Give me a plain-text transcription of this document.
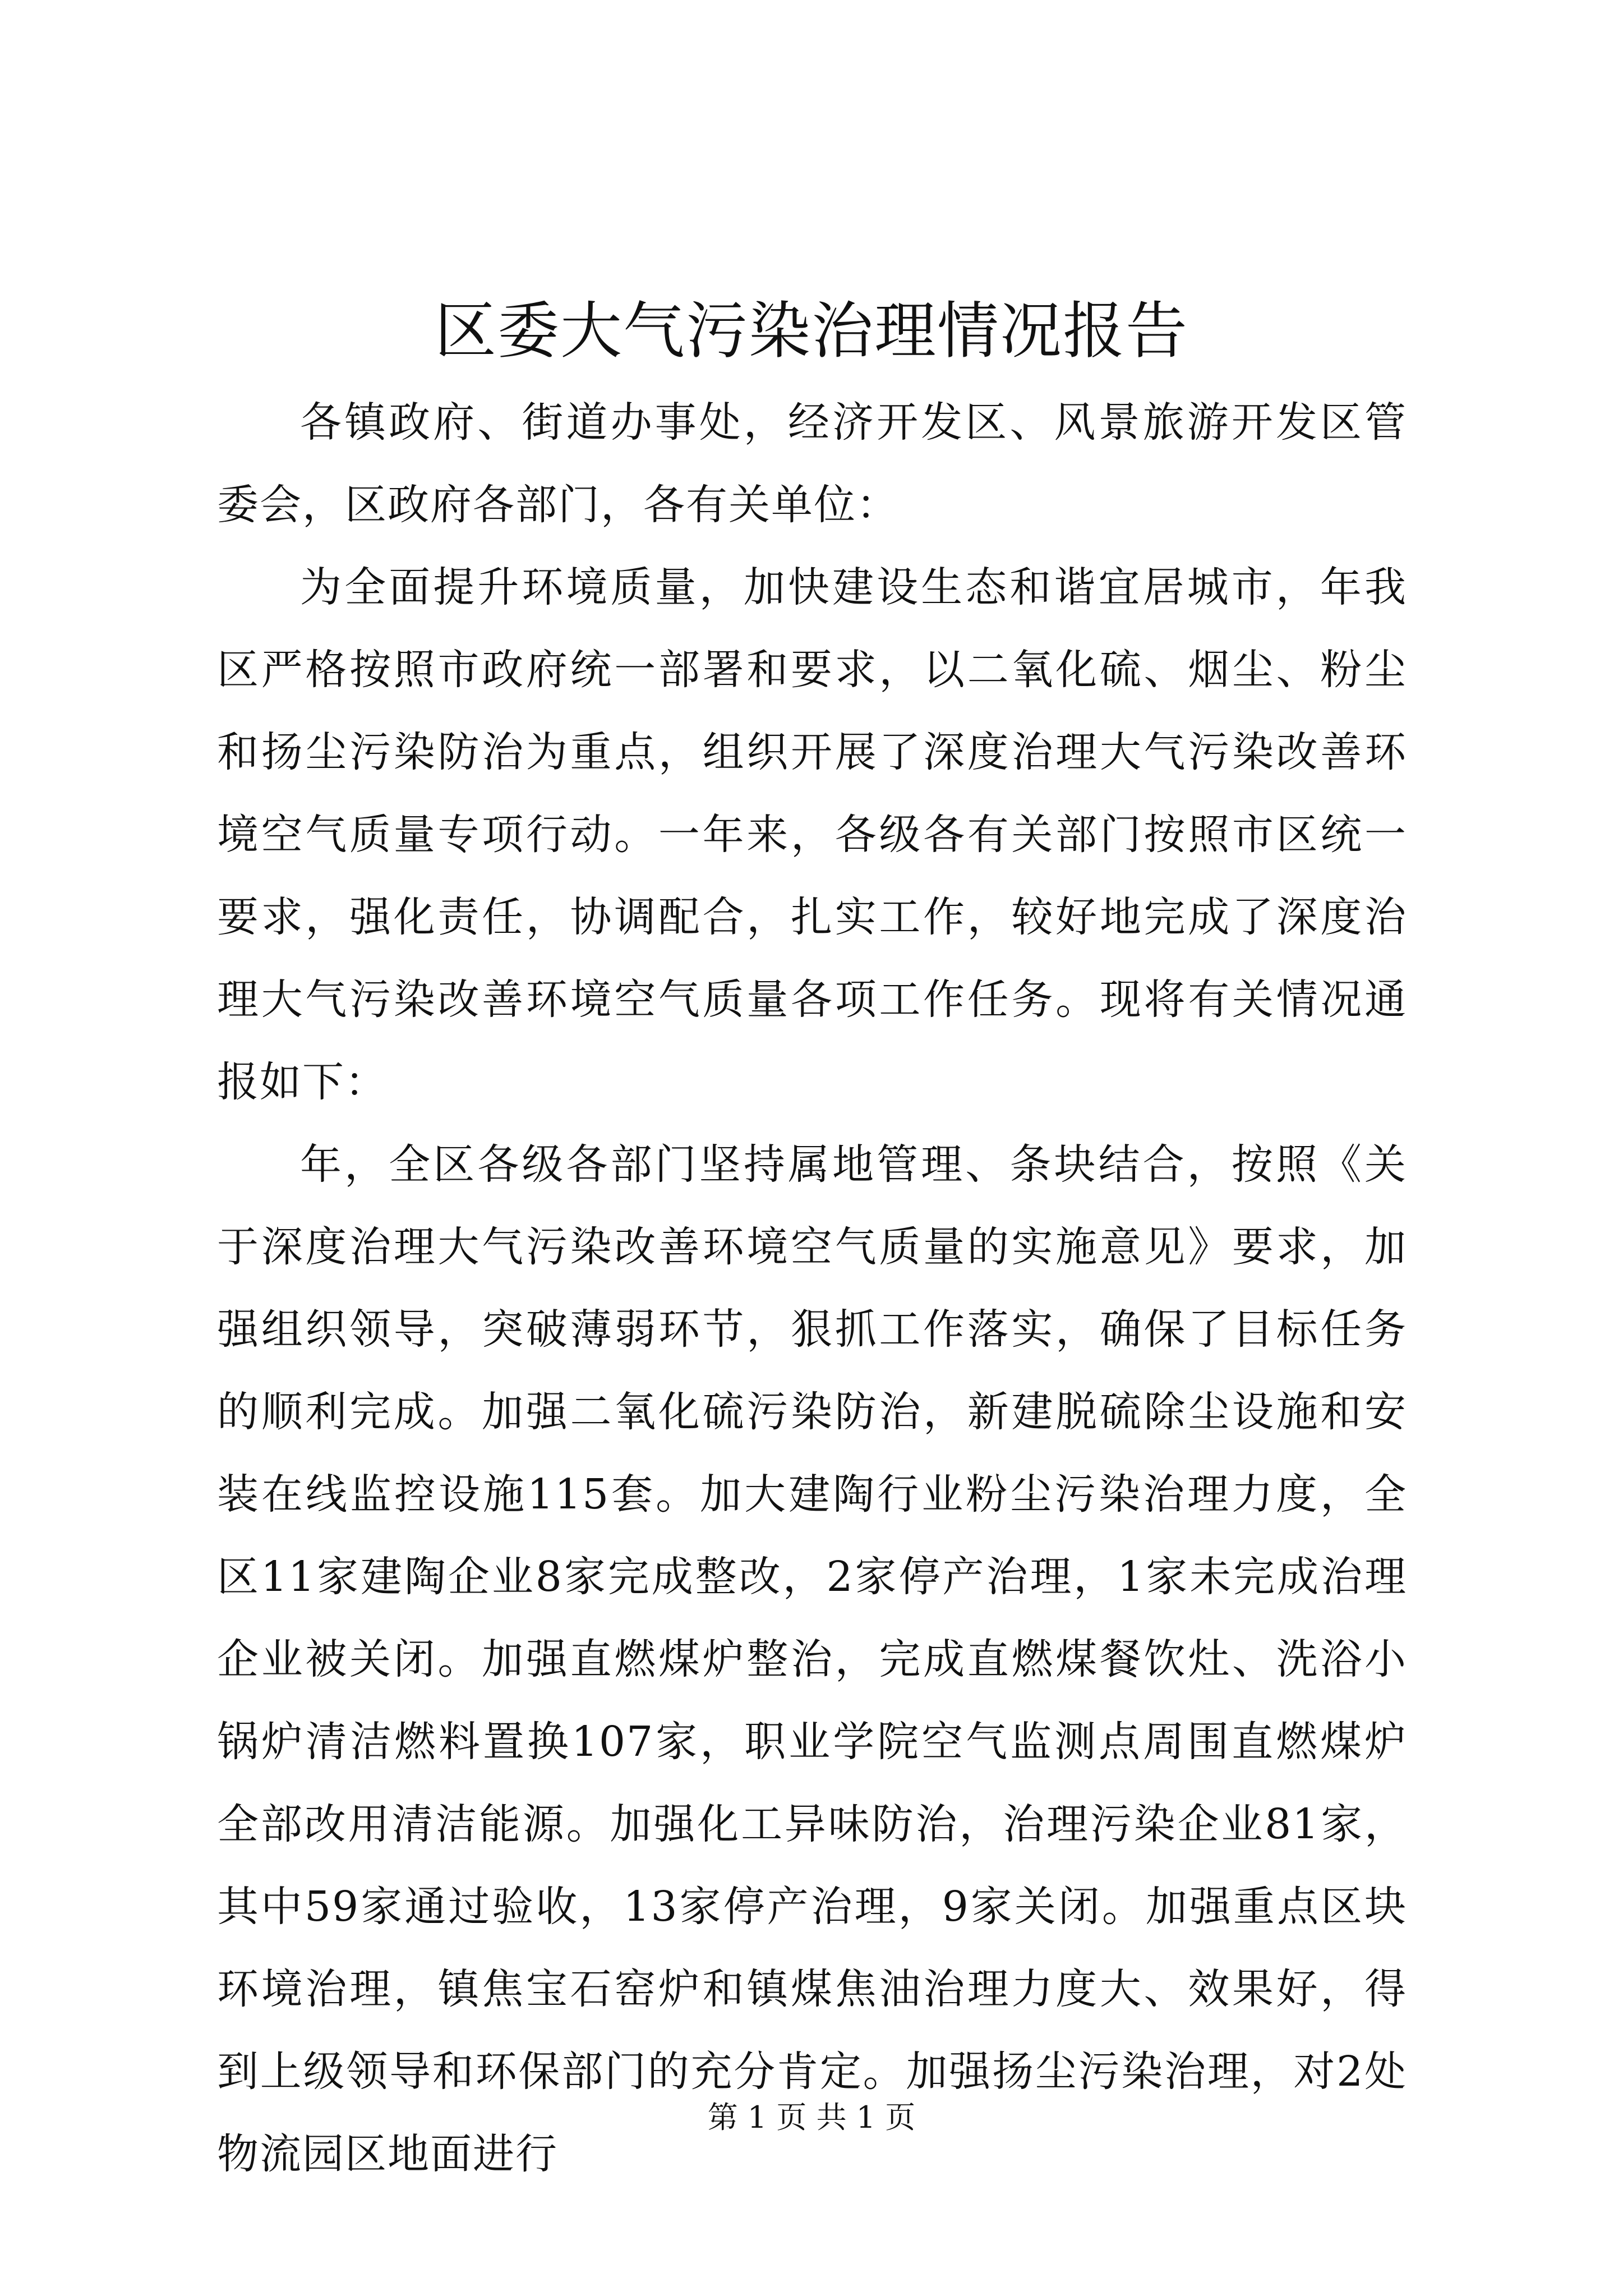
区委大气污染治理情况报告

各镇政府、街道办事处，经济开发区、风景旅游开发区管委会，区政府各部门，各有关单位：

为全面提升环境质量，加快建设生态和谐宜居城市，年我区严格按照市政府统一部署和要求，以二氧化硫、烟尘、粉尘和扬尘污染防治为重点，组织开展了深度治理大气污染改善环境空气质量专项行动。一年来，各级各有关部门按照市区统一要求，强化责任，协调配合，扎实工作，较好地完成了深度治理大气污染改善环境空气质量各项工作任务。现将有关情况通报如下：

年，全区各级各部门坚持属地管理、条块结合，按照《关于深度治理大气污染改善环境空气质量的实施意见》要求，加强组织领导，突破薄弱环节，狠抓工作落实，确保了目标任务的顺利完成。加强二氧化硫污染防治，新建脱硫除尘设施和安装在线监控设施115套。加大建陶行业粉尘污染治理力度，全区11家建陶企业8家完成整改，2家停产治理，1家未完成治理企业被关闭。加强直燃煤炉整治，完成直燃煤餐饮灶、洗浴小锅炉清洁燃料置换107家，职业学院空气监测点周围直燃煤炉全部改用清洁能源。加强化工异味防治，治理污染企业81家，其中59家通过验收，13家停产治理，9家关闭。加强重点区块环境治理，镇焦宝石窑炉和镇煤焦油治理力度大、效果好，得到上级领导和环保部门的充分肯定。加强扬尘污染治理，对2处物流园区地面进行

第 1 页 共 1 页
